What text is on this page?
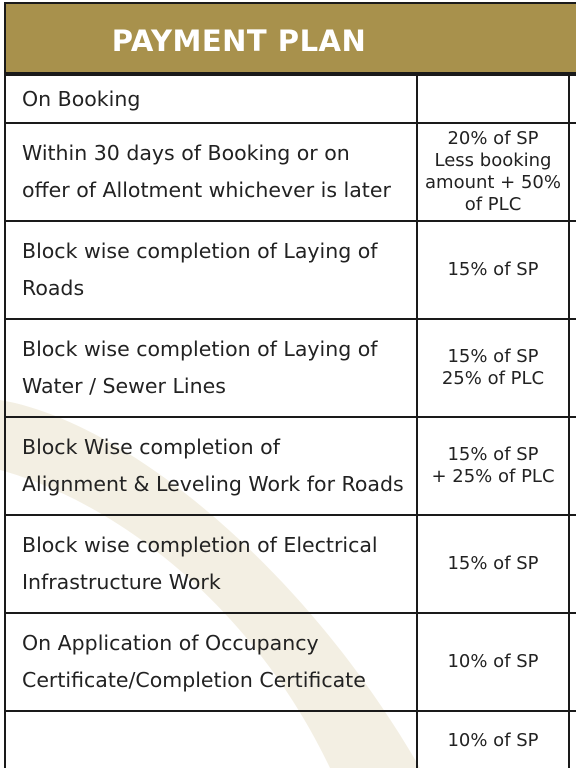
PAYMENT PLAN
On Booking
Within 30 days of Booking or on
offer of Allotment whichever is later
20% of SP
Less booking
amount + 50%
of PLC
Block wise completion of Laying of
Roads
15% of SP
Block wise completion of Laying of
Water / Sewer Lines
15% of SP
25% of PLC
Block Wise completion of
Alignment & Leveling Work for Roads
15% of SP
+ 25% of PLC
Block wise completion of Electrical
Infrastructure Work
15% of SP
On Application of Occupancy
Certificate/Completion Certificate
10% of SP
10% of SP
